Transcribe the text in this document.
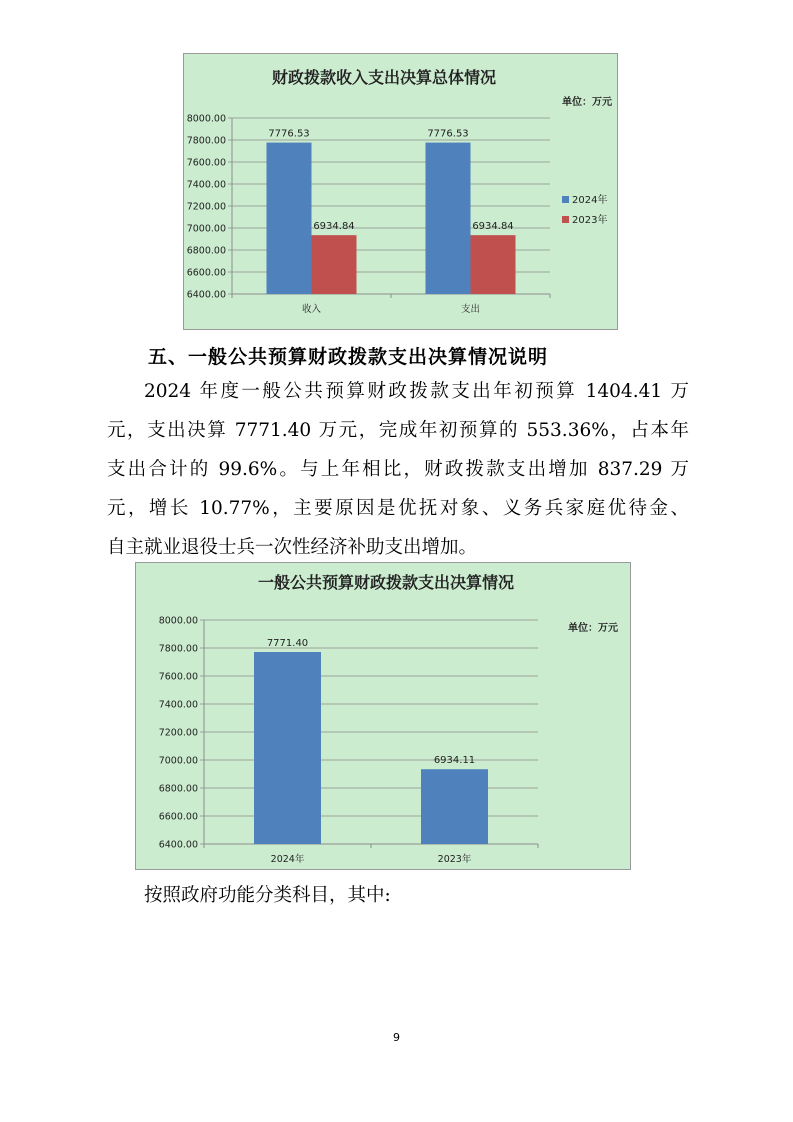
财政拨款收入支出决算总体情况
单位：万元
6400.00
6600.00
6800.00
7000.00
7200.00
7400.00
7600.00
7800.00
8000.00
7776.53
6934.84
收入
7776.53
6934.84
支出
2024年
2023年
五、一般公共预算财政拨款支出决算情况说明
2024 年度一般公共预算财政拨款支出年初预算 1404.41 万
元，支出决算 7771.40 万元，完成年初预算的 553.36%，占本年
支出合计的 99.6%。与上年相比，财政拨款支出增加 837.29 万
元，增长 10.77%，主要原因是优抚对象、义务兵家庭优待金、
自主就业退役士兵一次性经济补助支出增加。
一般公共预算财政拨款支出决算情况
单位：万元
6400.00
6600.00
6800.00
7000.00
7200.00
7400.00
7600.00
7800.00
8000.00
7771.40
2024年
6934.11
2023年

按照政府功能分类科目，其中:

9
